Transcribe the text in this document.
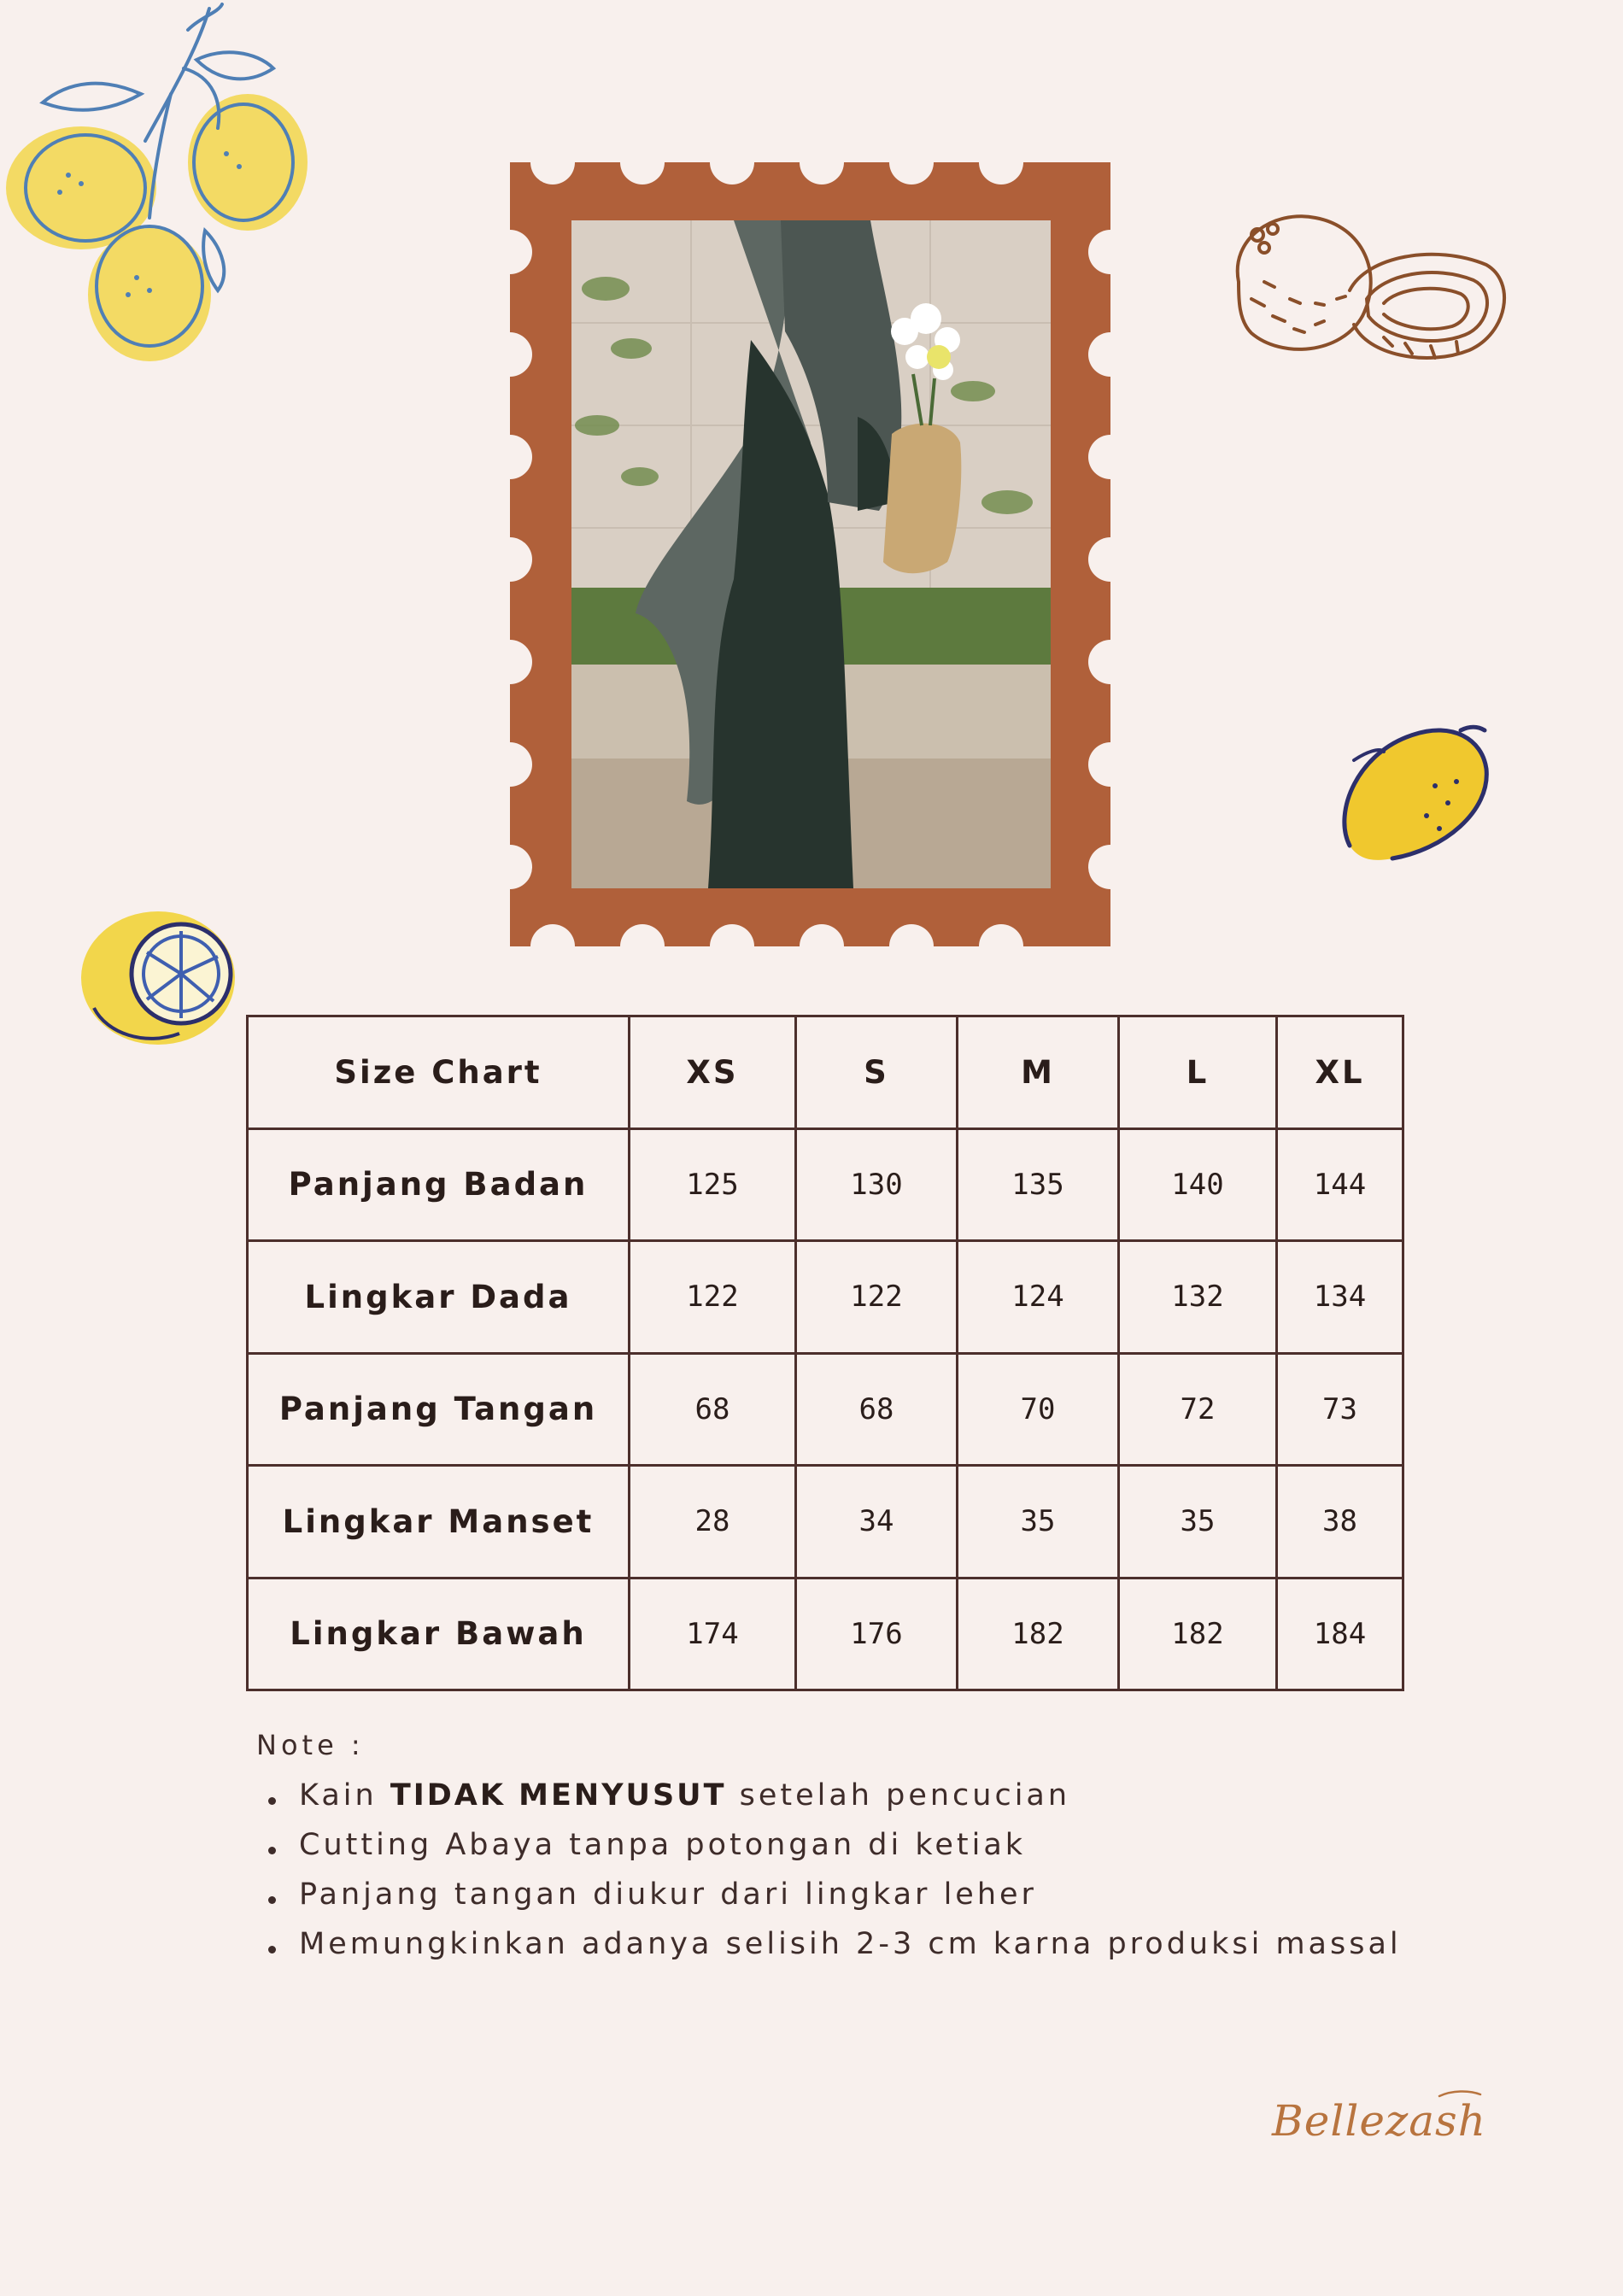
Size Chart	XS	S	M	L	XL
Panjang Badan	125	130	135	140	144
Lingkar Dada	122	122	124	132	134
Panjang Tangan	68	68	70	72	73
Lingkar Manset	28	34	35	35	38
Lingkar Bawah	174	176	182	182	184
Note :
Kain TIDAK MENYUSUT setelah pencucian
Cutting Abaya tanpa potongan di ketiak
Panjang tangan diukur dari lingkar leher
Memungkinkan adanya selisih 2-3 cm karna produksi massal
Bellezash
